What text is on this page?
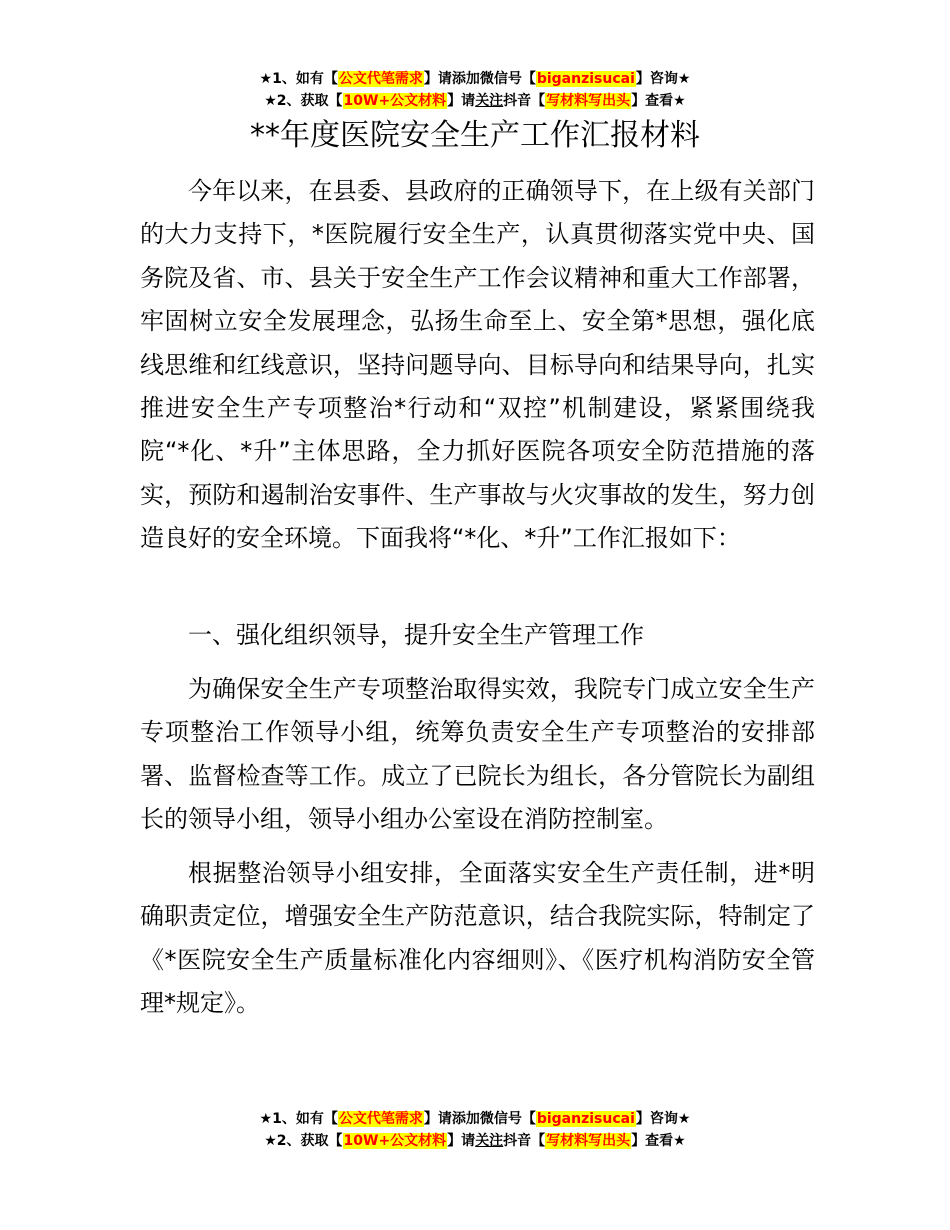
★1、如有【公文代笔需求】请添加微信号【biganzisucai】咨询★
★2、获取【10W+公文材料】请关注抖音【写材料写出头】查看★
**年度医院安全生产工作汇报材料

今年以来，在县委、县政府的正确领导下，在上级有关部门的大力支持下，*医院履行安全生产，认真贯彻落实党中央、国务院及省、市、县关于安全生产工作会议精神和重大工作部署，牢固树立安全发展理念，弘扬生命至上、安全第*思想，强化底线思维和红线意识，坚持问题导向、目标导向和结果导向，扎实推进安全生产专项整治*行动和“双控”机制建设，紧紧围绕我院“*化、*升”主体思路，全力抓好医院各项安全防范措施的落实，预防和遏制治安事件、生产事故与火灾事故的发生，努力创造良好的安全环境。下面我将“*化、*升”工作汇报如下：

一、强化组织领导，提升安全生产管理工作

为确保安全生产专项整治取得实效，我院专门成立安全生产专项整治工作领导小组，统筹负责安全生产专项整治的安排部署、监督检查等工作。成立了已院长为组长，各分管院长为副组长的领导小组，领导小组办公室设在消防控制室。

根据整治领导小组安排，全面落实安全生产责任制，进*明确职责定位，增强安全生产防范意识，结合我院实际，特制定了《*医院安全生产质量标准化内容细则》、《医疗机构消防安全管理*规定》。

★1、如有【公文代笔需求】请添加微信号【biganzisucai】咨询★
★2、获取【10W+公文材料】请关注抖音【写材料写出头】查看★
